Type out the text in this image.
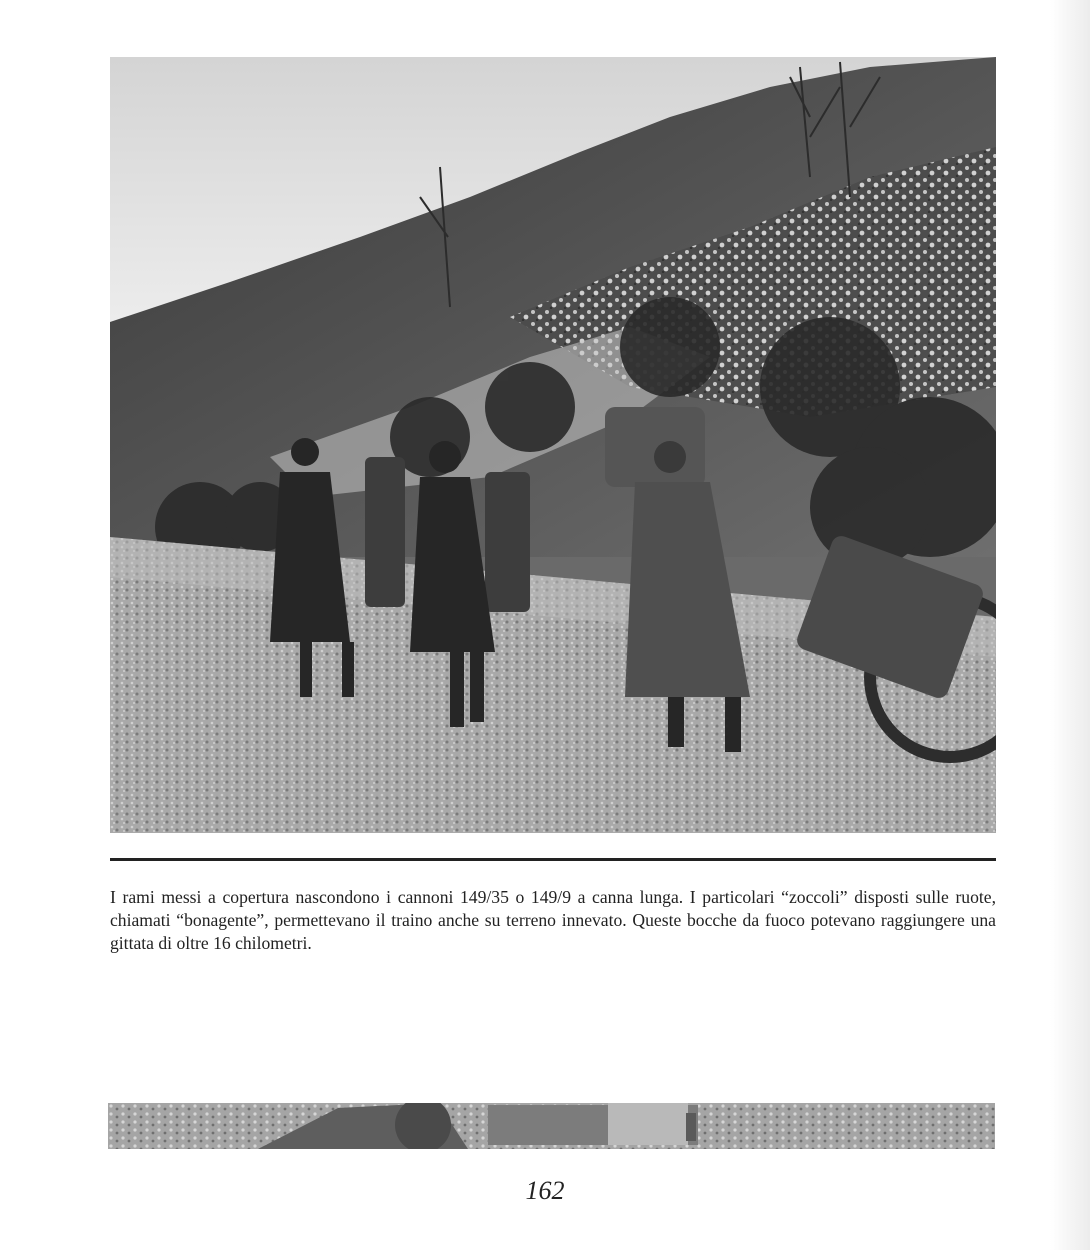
I rami messi a copertura nascondono i cannoni 149/35 o 149/9 a canna lunga. I particolari “zoccoli” disposti sulle ruote, chiamati “bonagente”, permettevano il traino anche su terreno innevato. Queste bocche da fuoco potevano raggiungere una gittata di oltre 16 chilometri.

162
